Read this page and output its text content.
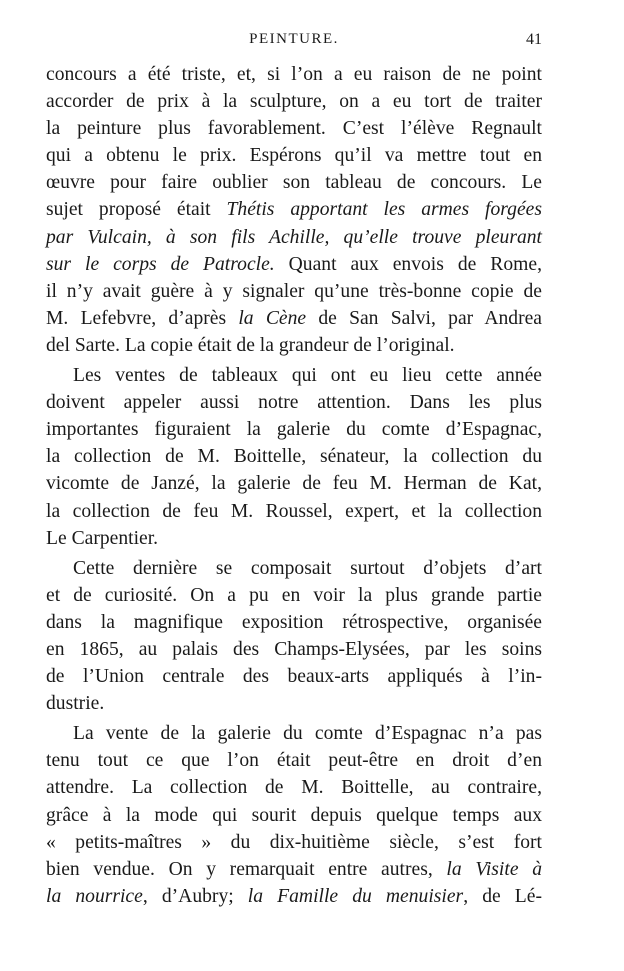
PEINTURE.	41
concours a été triste, et, si l’on a eu raison de ne point
accorder de prix à la sculpture, on a eu tort de traiter
la peinture plus favorablement. C’est l’élève Regnault
qui a obtenu le prix. Espérons qu’il va mettre tout en
œuvre pour faire oublier son tableau de concours. Le
sujet proposé était Thétis apportant les armes forgées
par Vulcain, à son fils Achille, qu’elle trouve pleurant
sur le corps de Patrocle. Quant aux envois de Rome,
il n’y avait guère à y signaler qu’une très-bonne copie de
M. Lefebvre, d’après la Cène de San Salvi, par Andrea
del Sarte. La copie était de la grandeur de l’original.
Les ventes de tableaux qui ont eu lieu cette année
doivent appeler aussi notre attention. Dans les plus
importantes figuraient la galerie du comte d’Espagnac,
la collection de M. Boittelle, sénateur, la collection du
vicomte de Janzé, la galerie de feu M. Herman de Kat,
la collection de feu M. Roussel, expert, et la collection
Le Carpentier.
Cette dernière se composait surtout d’objets d’art
et de curiosité. On a pu en voir la plus grande partie
dans la magnifique exposition rétrospective, organisée
en 1865, au palais des Champs-Elysées, par les soins
de l’Union centrale des beaux-arts appliqués à l’in-
dustrie.
La vente de la galerie du comte d’Espagnac n’a pas
tenu tout ce que l’on était peut-être en droit d’en
attendre. La collection de M. Boittelle, au contraire,
grâce à la mode qui sourit depuis quelque temps aux
« petits-maîtres » du dix-huitième siècle, s’est fort
bien vendue. On y remarquait entre autres, la Visite à
la nourrice, d’Aubry; la Famille du menuisier, de Lé-
